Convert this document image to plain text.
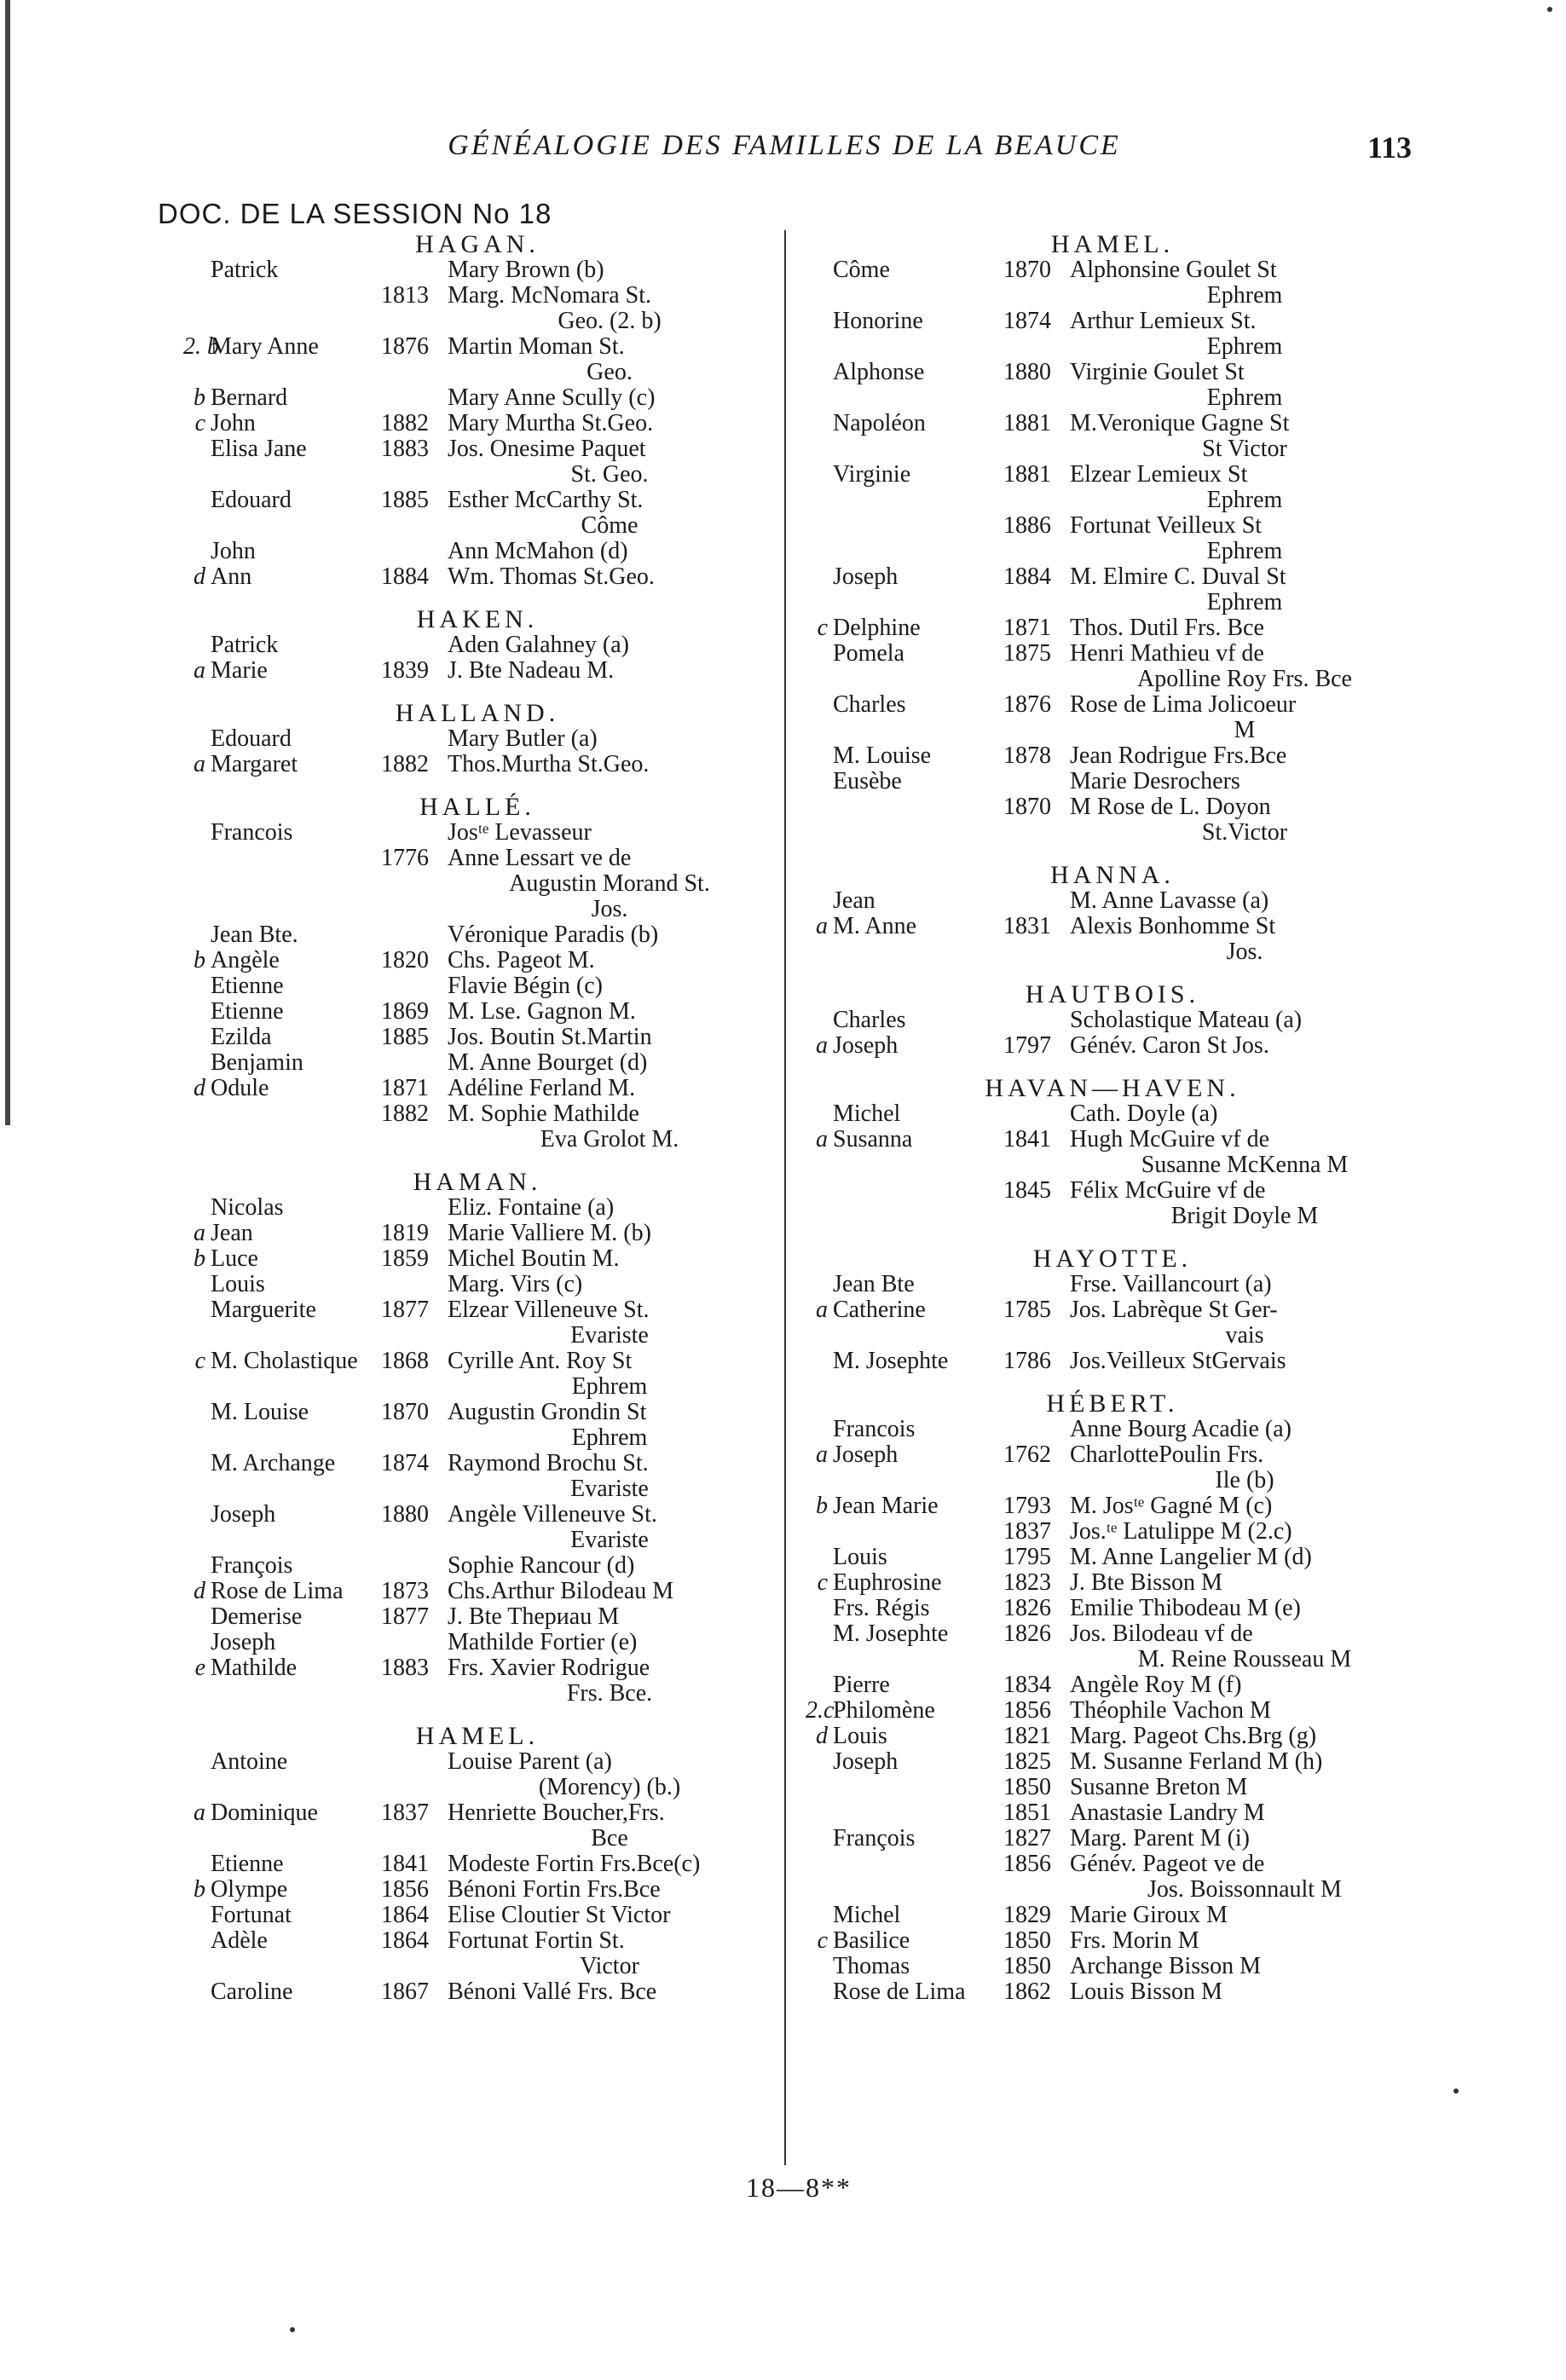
GÉNÉALOGIE DES FAMILLES DE LA BEAUCE	113
DOC. DE LA SESSION No 18
HAGAN.
Patrick	Mary Brown (b)
1813 Marg. McNomara St.
Geo. (2. b)
2. bMary Anne	1876 Martin Moman St.
Geo.
b Bernard	Mary Anne Scully (c)
c John	1882 Mary Murtha St.Geo.
Elisa Jane	1883 Jos. Onesime Paquet
St. Geo.
Edouard	1885 Esther McCarthy St.
Côme
John	Ann McMahon (d)
d Ann	1884 Wm. Thomas St.Geo.
HAKEN.
Patrick	Aden Galahney (a)
a Marie	1839 J. Bte Nadeau M.
HALLAND.
Edouard	Mary Butler (a)
a Margaret	1882 Thos.Murtha St.Geo.
HALLÉ.
Francois	Josᵗᵉ Levasseur
1776 Anne Lessart ve de
Augustin Morand St.
Jos.
Jean Bte.	Véronique Paradis (b)
b Angèle	1820 Chs. Pageot M.
Etienne	Flavie Bégin (c)
Etienne	1869 M. Lse. Gagnon M.
Ezilda	1885 Jos. Boutin St.Martin
Benjamin	M. Anne Bourget (d)
d Odule	1871 Adéline Ferland M.
1882 M. Sophie Mathilde
Eva Grolot M.
HAMAN.
Nicolas	Eliz. Fontaine (a)
a Jean	1819 Marie Valliere M. (b)
b Luce	1859 Michel Boutin M.
Louis	Marg. Virs (c)
Marguerite	1877 Elzear Villeneuve St.
Evariste
c M. Cholastique 1868 Cyrille Ant. Roy St
Ephrem
M. Louise	1870 Augustin Grondin St
Ephrem
M. Archange	1874 Raymond Brochu St.
Evariste
Joseph	1880 Angèle Villeneuve St.
Evariste
François	Sophie Rancour (d)
d Rose de Lima	1873 Chs.Arthur Bilodeau M
Demerise	1877 J. Bte Thериau M
Joseph	Mathilde Fortier (e)
e Mathilde	1883 Frs. Xavier Rodrigue
Frs. Bce.
HAMEL.
Antoine	Louise Parent (a)
(Morency) (b.)
a Dominique	1837 Henriette Boucher,Frs.
Bce
Etienne	1841 Modeste Fortin Frs.Bce(c)
b Olympe	1856 Bénoni Fortin Frs.Bce
Fortunat	1864 Elise Cloutier St Victor
Adèle	1864 Fortunat Fortin St.
Victor
Caroline	1867 Bénoni Vallé Frs. Bce
HAMEL.
Côme	1870 Alphonsine Goulet St
Ephrem
Honorine	1874 Arthur Lemieux St.
Ephrem
Alphonse	1880 Virginie Goulet St
Ephrem
Napoléon	1881 M.Veronique Gagne St
St Victor
Virginie	1881 Elzear Lemieux St
Ephrem
1886 Fortunat Veilleux St
Ephrem
Joseph	1884 M. Elmire C. Duval St
Ephrem
c Delphine	1871 Thos. Dutil Frs. Bce
Pomela	1875 Henri Mathieu vf de
Apolline Roy Frs. Bce
Charles	1876 Rose de Lima Jolicoeur
M
M. Louise	1878 Jean Rodrigue Frs.Bce
Eusèbe	Marie Desrochers
1870 M Rose de L. Doyon
St.Victor
HANNA.
Jean	M. Anne Lavasse (a)
a M. Anne	1831 Alexis Bonhomme St
Jos.
HAUTBOIS.
Charles	Scholastique Mateau (a)
a Joseph	1797 Génév. Caron St Jos.
HAVAN—HAVEN.
Michel	Cath. Doyle (a)
a Susanna	1841 Hugh McGuire vf de
Susanne McKenna M
1845 Félix McGuire vf de
Brigit Doyle M
HAYOTTE.
Jean Bte	Frse. Vaillancourt (a)
a Catherine	1785 Jos. Labrèque St Ger-
vais
M. Josephte	1786 Jos.Veilleux StGervais
HÉBERT.
Francois	Anne Bourg Acadie (a)
a Joseph	1762 CharlottePoulin Frs.
Ile (b)
b Jean Marie	1793 M. Josᵗᵉ Gagné M (c)
1837 Jos.ᵗᵉ Latulippe M (2.c)
Louis	1795 M. Anne Langelier M (d)
c Euphrosine	1823 J. Bte Bisson M
Frs. Régis	1826 Emilie Thibodeau M (e)
M. Josephte	1826 Jos. Bilodeau vf de
M. Reine Rousseau M
Pierre	1834 Angèle Roy M (f)
2.cPhilomène	1856 Théophile Vachon M
d Louis	1821 Marg. Pageot Chs.Brg (g)
Joseph	1825 M. Susanne Ferland M (h)
1850 Susanne Breton M
1851 Anastasie Landry M
François	1827 Marg. Parent M (i)
1856 Génév. Pageot ve de
Jos. Boissonnault M
Michel	1829 Marie Giroux M
c Basilice	1850 Frs. Morin M
Thomas	1850 Archange Bisson M
Rose de Lima	1862 Louis Bisson M
18—8**
